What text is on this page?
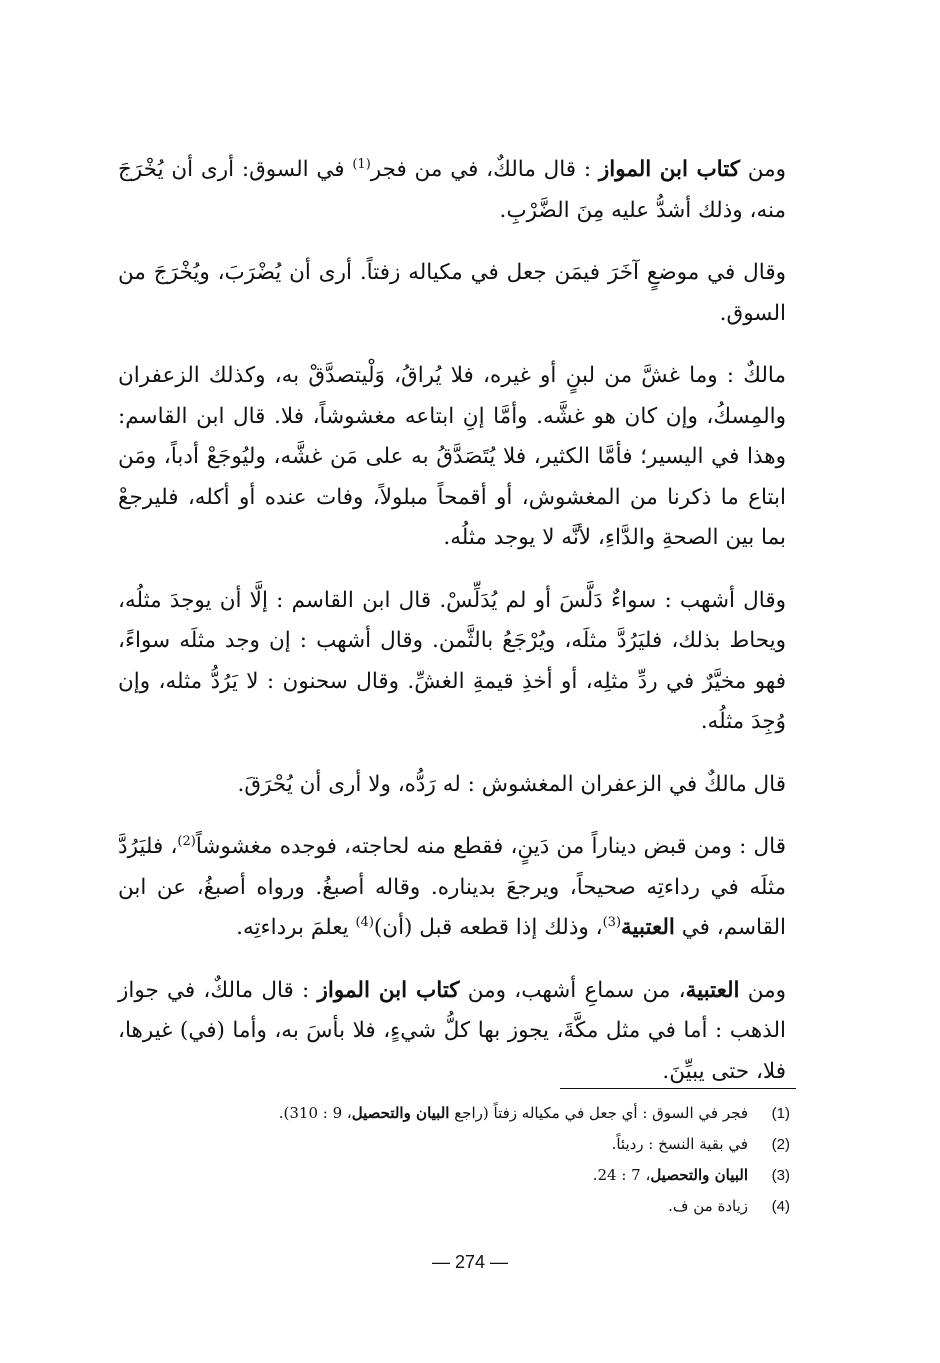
ومن كتاب ابن المواز : قال مالكٌ، في من فجر$^{(1)}$ في السوق: أرى أن يُخْرَجَ منه، وذلك أشدُّ عليه مِنَ الضَّرْبِ.

وقال في موضعٍ آخَرَ فيمَن جعل في مكياله زفتاً. أرى أن يُضْرَبَ، ويُخْرَجَ من السوق.

مالكٌ : وما غشَّ من لبنٍ أو غيره، فلا يُراقُ، وَلْيتصدَّقْ به، وكذلك الزعفران والمِسكُ، وإن كان هو غشَّه. وأمَّا إنِ ابتاعه مغشوشاً، فلا. قال ابن القاسم: وهذا في اليسير؛ فأمَّا الكثير، فلا يُتَصَدَّقُ به على مَن غشَّه، وليُوجَعْ أدباً، ومَن ابتاع ما ذكرنا من المغشوش، أو أقمحاً مبلولاً، وفات عنده أو أكله، فليرجعْ بما بين الصحةِ والدَّاءِ، لأنَّه لا يوجد مثلُه.

وقال أشهب : سواءٌ دَلَّسَ أو لم يُدَلِّسْ. قال ابن القاسم : إلَّا أن يوجدَ مثلُه، ويحاط بذلك، فليَرُدَّ مثلَه، ويُرْجَعُ بالثَّمن. وقال أشهب : إن وجد مثلَه سواءً، فهو مخيَّرٌ في ردِّ مثلِه، أو أخذِ قيمةِ الغشِّ. وقال سحنون : لا يَرُدُّ مثله، وإن وُجِدَ مثلُه.

قال مالكٌ في الزعفران المغشوش : له رَدُّه، ولا أرى أن يُحْرَقَ.

قال : ومن قبض ديناراً من دَينٍ، فقطع منه لحاجته، فوجده مغشوشاً$^{(2)}$، فليَرُدَّ مثلَه في رداءتِه صحيحاً، ويرجعَ بديناره. وقاله أصبغُ. ورواه أصبغُ، عن ابن القاسم، في العتبية$^{(3)}$، وذلك إذا قطعه قبل (أن)$^{(4)}$ يعلمَ برداءتِه.

ومن العتبية، من سماعِ أشهب، ومن كتاب ابن المواز : قال مالكٌ، في جواز الذهب : أما في مثل مكَّةَ، يجوز بها كلُّ شيءٍ، فلا بأسَ به، وأما (في) غيرها، فلا، حتى يبيِّنَ.

(1)فجر في السوق : أي جعل في مكياله زفتاً (راجع البيان والتحصيل، 9 : 310).
(2)في بقية النسخ : رديئاً.
(3)البيان والتحصيل، 7 : 24.
(4)زيادة من ف.
— 274 —
